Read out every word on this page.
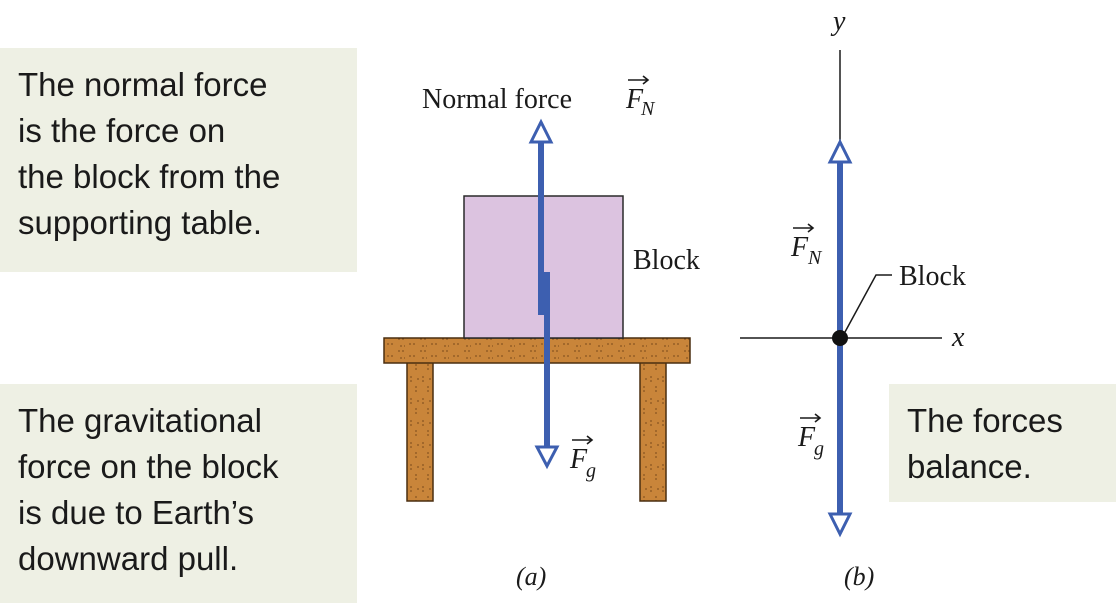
The normal force
is the force on
the block from the
supporting table.
The gravitational
force on the block
is due to Earth’s
downward pull.
The forces
balance.
Normal force F
N
Block
F
g
(a)
y
x
Block
F N
F
g
(b)
